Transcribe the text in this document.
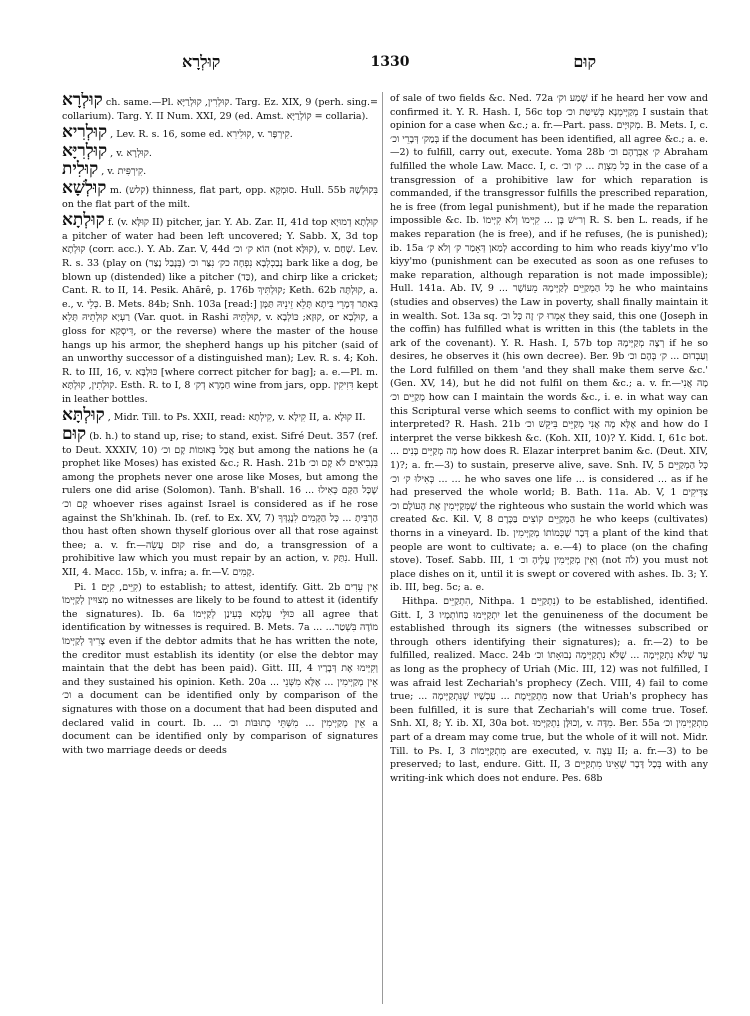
קוּלְרָא	1330	קוּם

קוּלְרָא ch. same.—Pl. קוּלְרִין, קוּלְרַיָּא. Targ. Ez. XIX, 9 (perh. sing.= collarium). Targ. Y. II Num. XXI, 29 (ed. Amst. קוֹלְרַיָּא = collaria).

קוּלְרִיא , Lev. R. s. 16, some ed. קוּלִירִא, v. קִירְפָּר.

קוּלְרִיָּא , v. קוּלְרָא.

קוּלִית , v. קִירְפִּית.

קוּלְשָׁא m. (קלש) thinness, flat part, opp. סוּמְקָא. Hull. 55b בִּקוּלְשָׁהּ on the flat part of the milt.

קוּלְתָא f. (v. קוּלָּא II) pitcher, jar. Y. Ab. Zar. II, 41d top קוּלְתָא דְמוּיָא a pitcher of water had been left uncovered; Y. Sabb. X, 3d top קוּלְתָא (corr. acc.). Y. Ab. Zar. V, 44d הוֹא ק׳ וכ׳ (not קוּלָּא), v. שָׁחַם. Lev. R. s. 33 (play on נְבַכְלְבָא נִפְחָה כק׳ נִצַּר וכ׳ (בְּנָבַל נָצַר) bark like a dog, be blown up (distended) like a pitcher (כַּד), and chirp like a cricket; Cant. R. to II, 14. Pesik. Ahărê, p. 176b קוּלְתִּיךְ; Keth. 62b קוּלְתָּה, a. e., v. כְּלֵי. B. Mets. 84b; Snh. 103a [read:] בִּאתַר דְּמָרֵי בִּיתָא תָּלֵא זֵינֵיהּ תַּמָּן רַעְיָא קוּלְתֵיהּ תָּלֵא (Var. quot. in Rashi קוּלְתֵּיהּ, v. קוּזָא; כּוֹלְבָא, or קוּלְבָא, a gloss for דִּיסְקַא, or the reverse) where the master of the house hangs up his armor, the shepherd hangs up his pitcher (said of an unworthy successor of a distinguished man); Lev. R. s. 4; Koh. R. to III, 16, v. כּוּלְבָּא [where correct pitcher for bag]; a. e.—Pl. m. קוּלְתִין, קוּלְתָּא. Esth. R. to I, 8 חַמְרָא דְק׳ wine from jars, opp. דִּזִיקִין kept in leather bottles.

קוּלְתָּא , Midr. Till. to Ps. XXII, read: קִילְתָא, v. קִילָא II, a. קוּלָא II.

קוּם (b. h.) to stand up, rise; to stand, exist. Sifré Deut. 357 (ref. to Deut. XXXIV, 10) אֲבָל בְּאוּמוֹת קָם וכ׳ but among the nations he (a prophet like Moses) has existed &c.; R. Hash. 21b בִּנְבִיאִים לֹא קָם וכ׳ among the prophets never one arose like Moses, but among the rulers one did arise (Solomon). Tanh. B'shall. 16 ... שֶׁכָּל הַקָּם כְּאִילוּ קָם וכ׳ whoever rises against Israel is considered as if he rose against the Sh'khinah. Ib. (ref. to Ex. XV, 7) הַרְבִּיתָ ... כָּל הַקָּמִים לִנֶגְדְּךָ thou hast often shown thyself glorious over all that rose against thee; a. v. fr.—קוּם עֲשֵׂה rise and do, a transgression of a prohibitive law which you must repair by an action, v. נִתַּק. Hull. XII, 4. Macc. 15b, v. infra; a. fr.—V. קָמִים.

Pi. קִיֵּים, קִיֵּם 1) to establish; to attest, identify. Gitt. 2b אֵין עֵדִים מְצוּיִין לְקַיְּימוֹ no witnesses are likely to be found to attest it (identify the signatures). Ib. 6a כּוּלֵּי עָלְמָא בְּעִינַן לְקַיְּימוֹ all agree that identification by witnesses is required. B. Mets. 7a ... מוֹדֶה בִּשְׁטַר... צָרִיךְ לְקַיְּימוֹ even if the debtor admits that he has written the note, the creditor must establish its identity (or else the debtor may maintain that the debt has been paid). Gitt. III, 4 וְקִיְּימוּ אֶת דְּבָרָיו and they sustained his opinion. Keth. 20a ... אֵין מְקַיְּימִין ... אֶלָּא מִשְּׁנֵי וכ׳ a document can be identified only by comparison of the signatures with those on a document that had been disputed and declared valid in court. Ib. ... אֵין מְקַיְּימִין ... מִשְּׁתֵּי כְתוּבּוֹת וכ׳ a document can be identified only by comparison of signatures with two marriage deeds or deeds

of sale of two fields &c. Ned. 72a שָׁמַע וק׳ if he heard her vow and confirmed it. Y. R. Hash. I, 56c top מְקַיְּימְנָא כְּשִׁיטַּת וכ׳ I sustain that opinion for a case when &c.; a. fr.—Part. pass. מְקוּיָּים. B. Mets. I, c. בְּמַק׳ דְּבָרֵי וכ׳ if the document has been identified, all agree &c.; a. e.—2) to fulfill, carry out, execute. Yoma 28b ק׳ אַבְרָהָם וכ׳ Abraham fulfilled the whole Law. Macc. I, c. כָּל מִצְוַת ... ק׳ וכ׳ in the case of a transgression of a prohibitive law for which reparation is commanded, if the transgressor fulfills the prescribed reparation, he is free (from legal punishment), but if he made the reparation impossible &c. Ib. וְר״שׁ בֶּן ... קִיְּימוֹ וְלֹא קִיְּימוֹ R. S. ben L. reads, if he makes reparation (he is free), and if he refuses, (he is punished); ib. 15a לְמַאן דְּאָמַר ק׳ וְלֹא ק׳ according to him who reads kiyy'mo v'lo kiyy'mo (punishment can be executed as soon as one refuses to make reparation, although reparation is not made impossible); Hull. 141a. Ab. IV, 9 ... כָּל הַמְקַיֵּים לְקַיְּימָהּ מֵעוֹשֶׁר he who maintains (studies and observes) the Law in poverty, shall finally maintain it in wealth. Sot. 13a sq. אָמְרוּ ק׳ זֶה כָּל וכ׳ they said, this one (Joseph in the coffin) has fulfilled what is written in this (the tablets in the ark of the covenant). Y. R. Hash. I, 57b top רְצָה מְקַיְּימָהּ if he so desires, he observes it (his own decree). Ber. 9b וְעַבְדוּם ... ק׳ בְּהֶם וכ׳ the Lord fulfilled on them 'and they shall make them serve &c.' (Gen. XV, 14), but he did not fulfil on them &c.; a. v. fr.—מָה אֲנִי מְקַיֵּים וכ׳ how can I maintain the words &c., i. e. in what way can this Scriptural verse which seems to conflict with my opinion be interpreted? R. Hash. 21b אֶלָּא מָה אֲנִי מְקַיֵּים בִּיקֵּשׁ וכ׳ and how do I interpret the verse bikkesh &c. (Koh. XII, 10)? Y. Kidd. I, 61c bot. ... מָה מְקַיֵּים בָּנִים how does R. Elazar interpret banim &c. (Deut. XIV, 1)?; a. fr.—3) to sustain, preserve alive, save. Snh. IV, 5 כָּל הַמְקַיֵּים ... כְּאִילוּ ק׳ וכ׳ ... he who saves one life ... is considered ... as if he had preserved the whole world; B. Bath. 11a. Ab. V, 1 צַדִּיקִים שֶׁמְּקַיְּימִין אֶת הָעוֹלָם וכ׳ the righteous who sustain the world which was created &c. Kil. V, 8 הַמְקַיֵּים קוֹצִים בַּכֶּרֶם he who keeps (cultivates) thorns in a vineyard. Ib. דָּבָר שֶׁכְּמוֹתוֹ מְקַיְּימִין a plant of the kind that people are wont to cultivate; a. e.—4) to place (on the chafing stove). Tosef. Sabb. III, 1 וְאֵין מְקַיְּימִין עָלֶיהָ וכ׳ (not לֹה) you must not place dishes on it, until it is swept or covered with ashes. Ib. 3; Y. ib. III, beg. 5c; a. e.

Hithpa. הִתְקַיֵּים, Nithpa. נִתְקַיֵּים 1) to be established, identified. Gitt. I, 3 יִתְקַיְּימוּ בַּחוֹתְמָיו let the genuineness of the document be established through its signers (the witnesses subscribed or through others identifying their signatures); a. fr.—2) to be fulfilled, realized. Macc. 24b עַד שֶׁלֹּא נִתְקַיְּימָה ... שֶׁלֹּא נִתְקַיְּימָה נְבוּאָתוֹ וכ׳ as long as the prophecy of Uriah (Mic. III, 12) was not fulfilled, I was afraid lest Zechariah's prophecy (Zech. VIII, 4) fail to come true; ... מִתְקַיֶּימֶת ... עַכְשָׁיו שֶׁנִּתְקַיְּימָה now that Uriah's prophecy has been fulfilled, it is sure that Zechariah's will come true. Tosef. Snh. XI, 8; Y. ib. XI, 30a bot. וְכוּלָּן נִתְקַיְּימוּ, v. מִדָּה. Ber. 55a מִתְקַיְּימִין וכ׳ part of a dream may come true, but the whole of it will not. Midr. Till. to Ps. I, 3 מִתְקַיְּימוֹת are executed, v. עֵצָה II; a. fr.—3) to be preserved; to last, endure. Gitt. II, 3 בְּכָל דָּבָר שֶׁאֵינוֹ מִתְקַיֵּים with any writing-ink which does not endure. Pes. 68b
